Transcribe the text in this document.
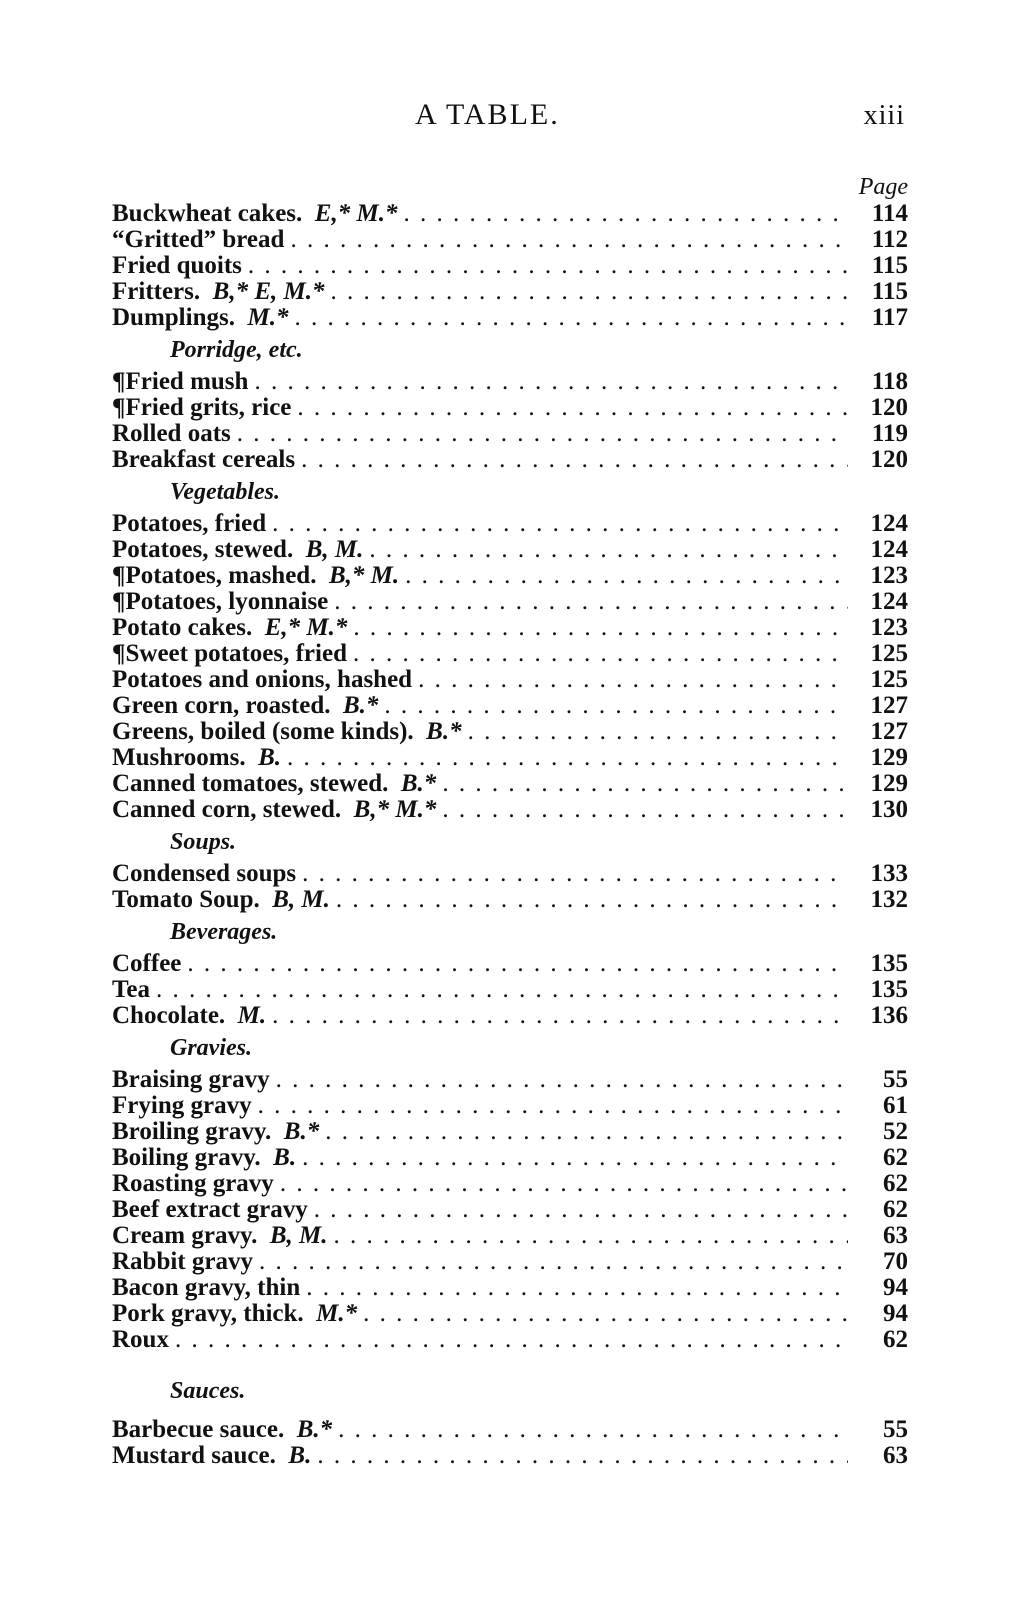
A TABLE.	xiii
Page
Buckwheat cakes. E,* M.* . . .	114
“Gritted” bread . . .	112
Fried quoits . . .	115
Fritters. B,* E, M.* . . .	115
Dumplings. M.* . . .	117
Porridge, etc.
¶Fried mush . . .	118
¶Fried grits, rice . . .	120
Rolled oats . . .	119
Breakfast cereals . . .	120
Vegetables.
Potatoes, fried . . .	124
Potatoes, stewed. B, M. . . .	124
¶Potatoes, mashed. B,* M. . . .	123
¶Potatoes, lyonnaise . . .	124
Potato cakes. E,* M.* . . .	123
¶Sweet potatoes, fried . . .	125
Potatoes and onions, hashed . . .	125
Green corn, roasted. B.* . . .	127
Greens, boiled (some kinds). B.* . . .	127
Mushrooms. B. . . .	129
Canned tomatoes, stewed. B.* . . .	129
Canned corn, stewed. B,* M.* . . .	130
Soups.
Condensed soups . . .	133
Tomato Soup. B, M. . . .	132
Beverages.
Coffee . . .	135
Tea . . .	135
Chocolate. M. . . .	136
Gravies.
Braising gravy . . .	55
Frying gravy . . .	61
Broiling gravy. B.* . . .	52
Boiling gravy. B. . . .	62
Roasting gravy . . .	62
Beef extract gravy . . .	62
Cream gravy. B, M. . . .	63
Rabbit gravy . . .	70
Bacon gravy, thin . . .	94
Pork gravy, thick. M.* . . .	94
Roux . . .	62
Sauces.
Barbecue sauce. B.* . . .	55
Mustard sauce. B. . . .	63
